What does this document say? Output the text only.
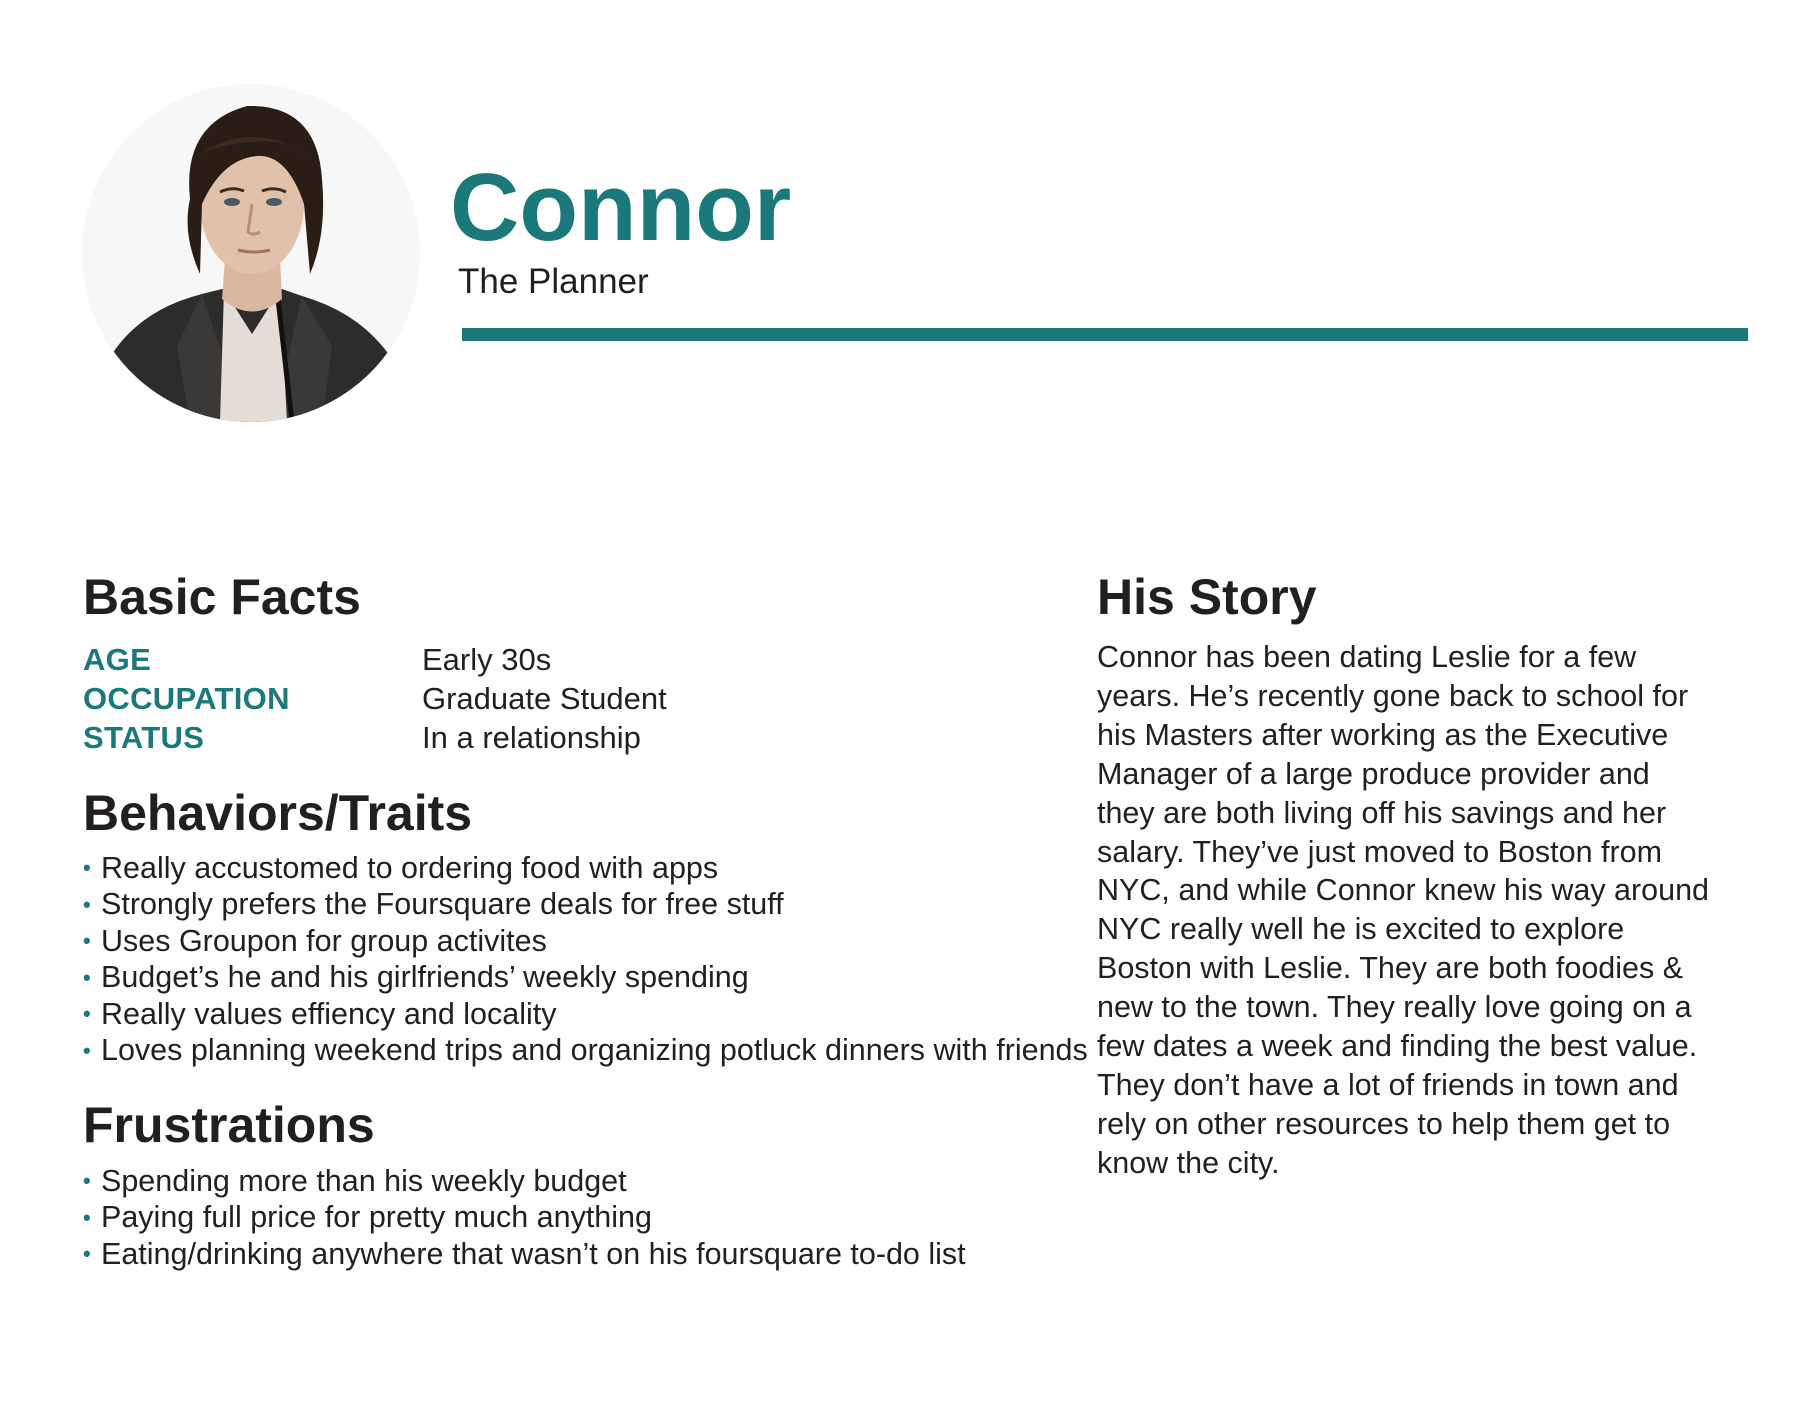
Connor
The Planner
Basic Facts
AGE	Early 30s
OCCUPATION	Graduate Student
STATUS	In a relationship
Behaviors/Traits
• Really accustomed to ordering food with apps
• Strongly prefers the Foursquare deals for free stuff
• Uses Groupon for group activites
• Budget’s he and his girlfriends’ weekly spending
• Really values effiency and locality
• Loves planning weekend trips and organizing potluck dinners with friends
Frustrations
• Spending more than his weekly budget
• Paying full price for pretty much anything
• Eating/drinking anywhere that wasn’t on his foursquare to-do list
His Story
Connor has been dating Leslie for a few
years. He’s recently gone back to school for
his Masters after working as the Executive
Manager of a large produce provider and
they are both living off his savings and her
salary. They’ve just moved to Boston from
NYC, and while Connor knew his way around
NYC really well he is excited to explore
Boston with Leslie. They are both foodies &
new to the town. They really love going on a
few dates a week and finding the best value.
They don’t have a lot of friends in town and
rely on other resources to help them get to
know the city.
